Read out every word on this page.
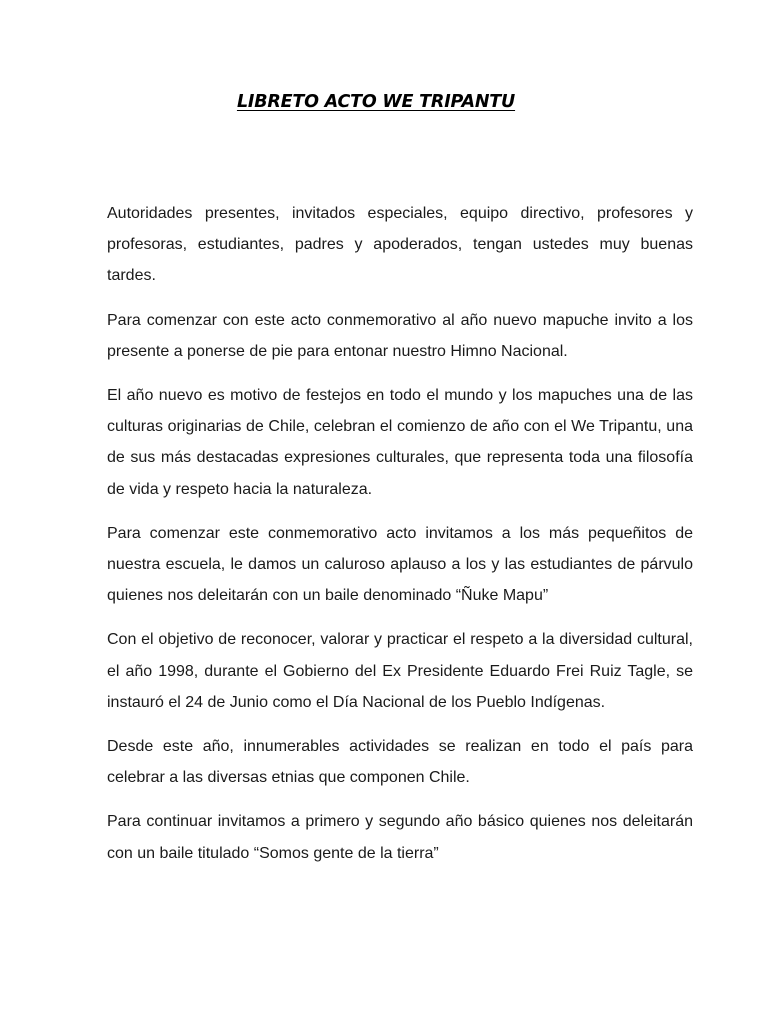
LIBRETO ACTO WE TRIPANTU

Autoridades presentes, invitados especiales, equipo directivo, profesores y profesoras, estudiantes, padres y apoderados, tengan ustedes muy buenas tardes.

Para comenzar con este acto conmemorativo al año nuevo mapuche invito a los presente a ponerse de pie para entonar nuestro Himno Nacional.

El año nuevo es motivo de festejos en todo el mundo y los mapuches una de las culturas originarias de Chile, celebran el comienzo de año con el We Tripantu, una de sus más destacadas expresiones culturales, que representa toda una filosofía de vida y respeto hacia la naturaleza.

Para comenzar este conmemorativo acto invitamos a los más pequeñitos de nuestra escuela, le damos un caluroso aplauso a los y las estudiantes de párvulo quienes nos deleitarán con un baile denominado “Ñuke Mapu”

Con el objetivo de reconocer, valorar y practicar el respeto a la diversidad cultural, el año 1998, durante el Gobierno del Ex Presidente Eduardo Frei Ruiz Tagle, se instauró el 24 de Junio como el Día Nacional de los Pueblo Indígenas.

Desde este año, innumerables actividades se realizan en todo el país para celebrar a las diversas etnias que componen Chile.

Para continuar invitamos a primero y segundo año básico quienes nos deleitarán con un baile titulado “Somos gente de la tierra”
